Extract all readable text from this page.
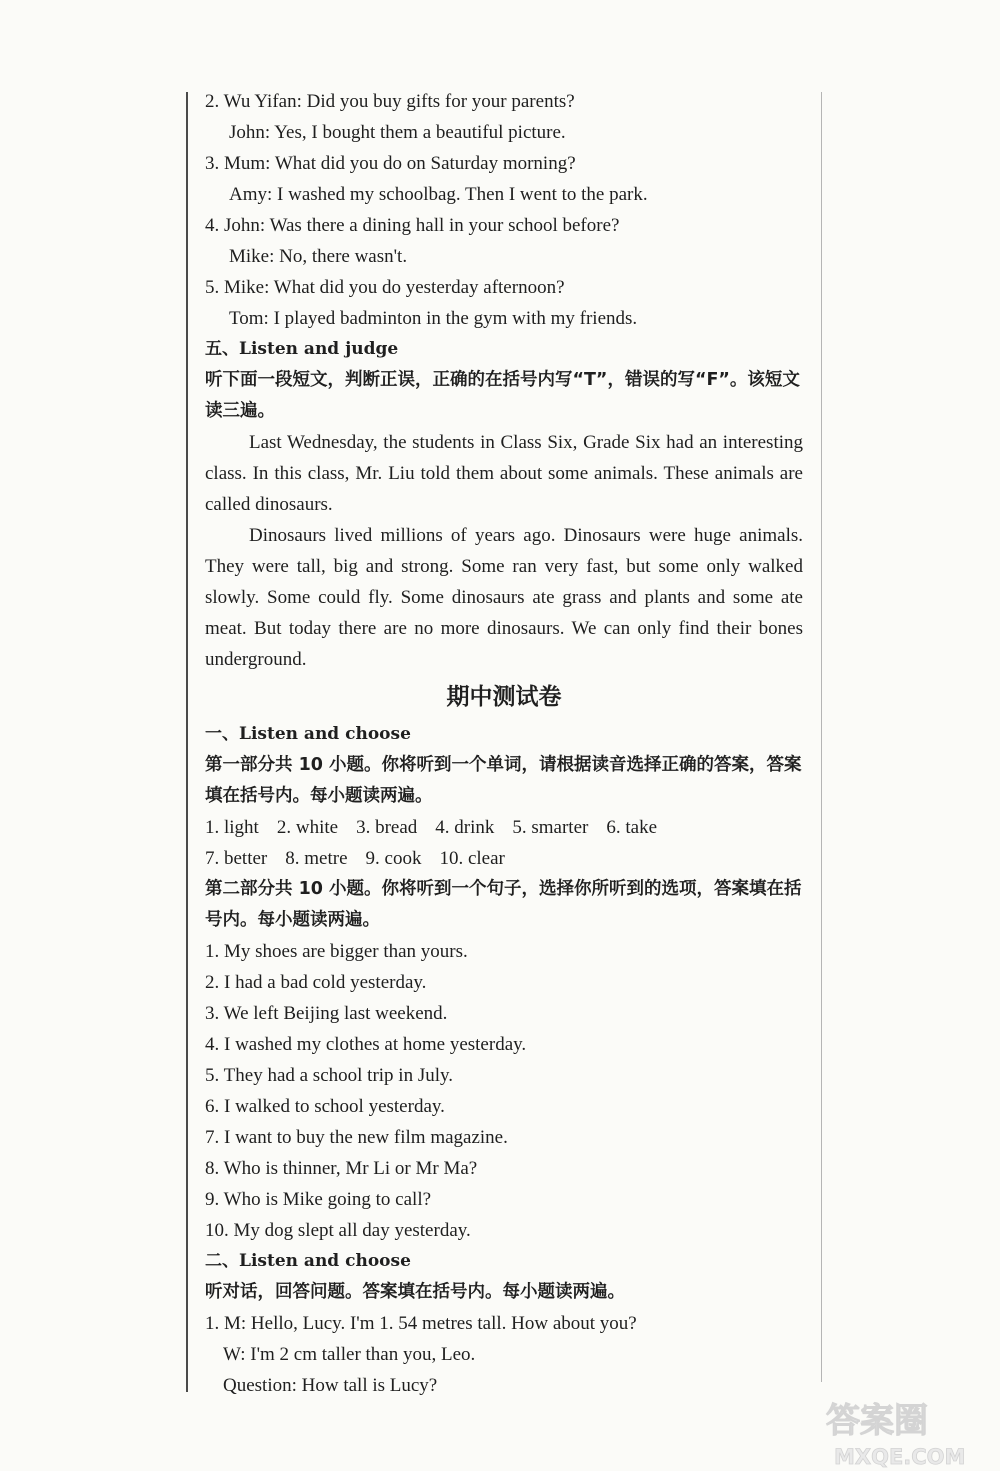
2. Wu Yifan: Did you buy gifts for your parents?
John: Yes, I bought them a beautiful picture.
3. Mum: What did you do on Saturday morning?
Amy: I washed my schoolbag. Then I went to the park.
4. John: Was there a dining hall in your school before?
Mike: No, there wasn't.
5. Mike: What did you do yesterday afternoon?
Tom: I played badminton in the gym with my friends.
五、Listen and judge
听下面一段短文，判断正误，正确的在括号内写“T”，错误的写“F”。该短文读三遍。

Last Wednesday, the students in Class Six, Grade Six had an interesting class. In this class, Mr. Liu told them about some animals. These animals are called dinosaurs.

Dinosaurs lived millions of years ago. Dinosaurs were huge animals. They were tall, big and strong. Some ran very fast, but some only walked slowly. Some could fly. Some dinosaurs ate grass and plants and some ate meat. But today there are no more dinosaurs. We can only find their bones underground.

期中测试卷
一、Listen and choose
第一部分共 10 小题。你将听到一个单词，请根据读音选择正确的答案，答案填在括号内。每小题读两遍。
1. light 2. white 3. bread 4. drink 5. smarter 6. take
7. better 8. metre 9. cook 10. clear
第二部分共 10 小题。你将听到一个句子，选择你所听到的选项，答案填在括号内。每小题读两遍。
1. My shoes are bigger than yours.
2. I had a bad cold yesterday.
3. We left Beijing last weekend.
4. I washed my clothes at home yesterday.
5. They had a school trip in July.
6. I walked to school yesterday.
7. I want to buy the new film magazine.
8. Who is thinner, Mr Li or Mr Ma?
9. Who is Mike going to call?
10. My dog slept all day yesterday.
二、Listen and choose
听对话，回答问题。答案填在括号内。每小题读两遍。
1. M: Hello, Lucy. I'm 1. 54 metres tall. How about you?
W: I'm 2 cm taller than you, Leo.
Question: How tall is Lucy?
答案圈
MXQE.COM
